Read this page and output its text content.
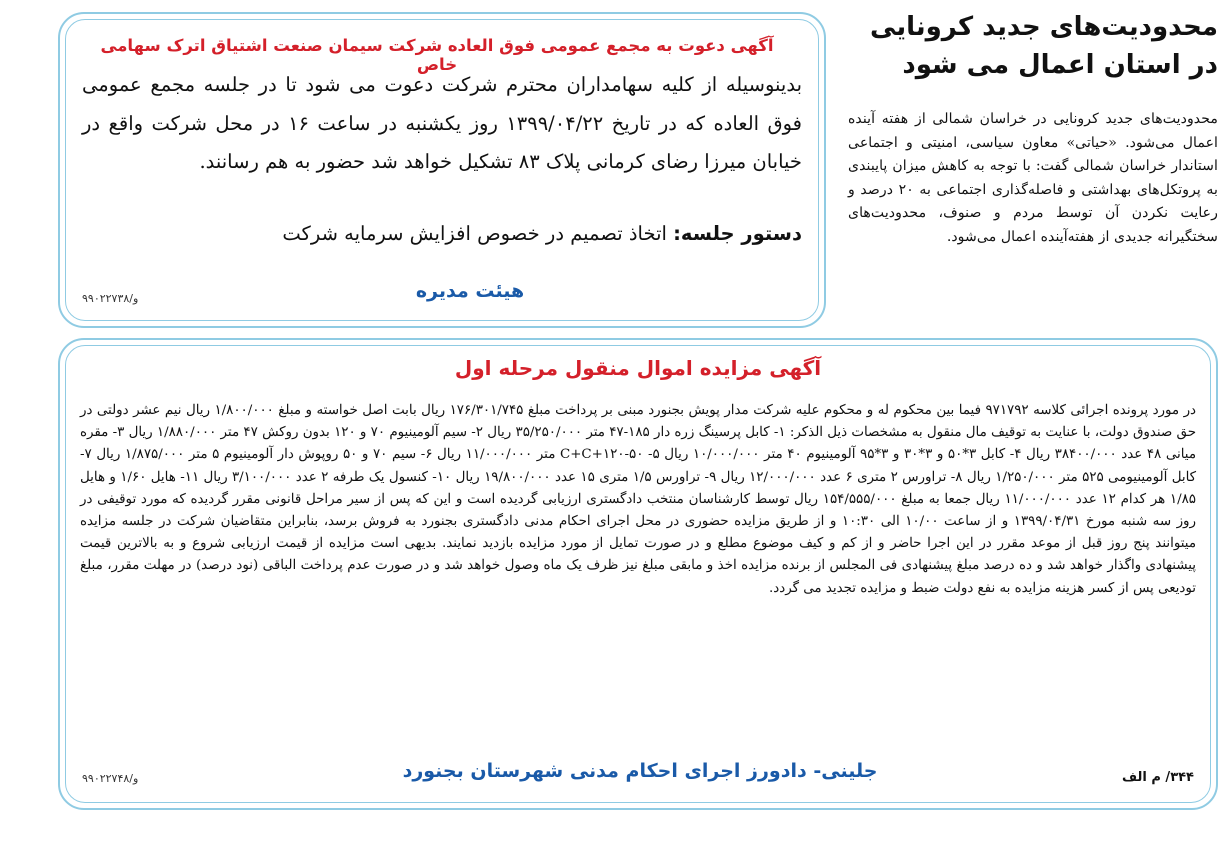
محدودیت‌های جدید کرونایی
در استان اعمال می شود
محدودیت‌های جدید کرونایی در خراسان شمالی از هفته آینده اعمال می‌شود. «حیاتی» معاون سیاسی، امنیتی و اجتماعی استاندار خراسان شمالی گفت: با توجه به کاهش میزان پایبندی به پروتکل‌های بهداشتی و فاصله‌گذاری اجتماعی به ۲۰ درصد و رعایت نکردن آن توسط مردم و صنوف، محدودیت‌های سختگیرانه جدیدی از هفته‌آینده اعمال می‌شود.
آگهی دعوت به مجمع عمومی فوق العاده شرکت سیمان صنعت اشتیاق اترک سهامی خاص
بدینوسیله از کلیه سهامداران محترم شرکت دعوت می شود تا در جلسه مجمع عمومی فوق العاده که در تاریخ ۱۳۹۹/۰۴/۲۲ روز یکشنبه در ساعت ۱۶ در محل شرکت واقع در خیابان میرزا رضای کرمانی پلاک ۸۳ تشکیل خواهد شد حضور به هم رسانند.
دستور جلسه: اتخاذ تصمیم در خصوص افزایش سرمایه شرکت
هیئت مدیره
۹۹۰۲۲۷۳۸/و
آگهی مزایده اموال منقول مرحله اول
در مورد پرونده اجرائی کلاسه ۹۷۱۷۹۲ فیما بین محکوم له و محکوم علیه شرکت مدار پویش بجنورد مبنی بر پرداخت مبلغ ۱۷۶/۳۰۱/۷۴۵ ریال بابت اصل خواسته و مبلغ ۱/۸۰۰/۰۰۰ ریال نیم عشر دولتی در حق صندوق دولت، با عنایت به توقیف مال منقول به مشخصات ذیل الذکر: ۱- کابل پرسینگ زره دار ۱۸۵-۴۷ متر ۳۵/۲۵۰/۰۰۰ ریال ۲- سیم آلومینیوم ۷۰ و ۱۲۰ بدون روکش ۴۷ متر ۱/۸۸۰/۰۰۰ ریال ۳- مقره میانی ۴۸ عدد ۳۸۴۰۰/۰۰۰ ریال ۴- کابل ۳*۵۰ و ۳*۳۰ و ۳*۹۵ آلومینیوم ۴۰ متر ۱۰/۰۰۰/۰۰۰ ریال ۵- C+C+۱۲۰-۵۰ متر ۱۱/۰۰۰/۰۰۰ ریال ۶- سیم ۷۰ و ۵۰ روپوش دار آلومینیوم ۵ متر ۱/۸۷۵/۰۰۰ ریال ۷- کابل آلومینیومی ۵۲۵ متر ۱/۲۵۰/۰۰۰ ریال ۸- تراورس ۲ متری ۶ عدد ۱۲/۰۰۰/۰۰۰ ریال ۹- تراورس ۱/۵ متری ۱۵ عدد ۱۹/۸۰۰/۰۰۰ ریال ۱۰- کنسول یک طرفه ۲ عدد ۳/۱۰۰/۰۰۰ ریال ۱۱- هایل ۱/۶۰ و هایل ۱/۸۵ هر کدام ۱۲ عدد ۱۱/۰۰۰/۰۰۰ ریال جمعا به مبلغ ۱۵۴/۵۵۵/۰۰۰ ریال توسط کارشناسان منتخب دادگستری ارزیابی گردیده است و این که پس از سیر مراحل قانونی مقرر گردیده که مورد توقیفی در روز سه شنبه مورخ ۱۳۹۹/۰۴/۳۱ و از ساعت ۱۰/۰۰ الی ۱۰:۳۰ و از طریق مزایده حضوری در محل اجرای احکام مدنی دادگستری بجنورد به فروش برسد، بنابراین متقاضیان شرکت در جلسه مزایده میتوانند پنج روز قبل از موعد مقرر در این اجرا حاضر و از کم و کیف موضوع مطلع و در صورت تمایل از مورد مزایده بازدید نمایند. بدیهی است مزایده از قیمت ارزیابی شروع و به بالاترین قیمت پیشنهادی واگذار خواهد شد و ده درصد مبلغ پیشنهادی فی المجلس از برنده مزایده اخذ و مابقی مبلغ نیز ظرف یک ماه وصول خواهد شد و در صورت عدم پرداخت الباقی (نود درصد) در مهلت مقرر، مبلغ تودیعی پس از کسر هزینه مزایده به نفع دولت ضبط و مزایده تجدید می گردد.
۳۴۴/ م الف
جلینی- دادورز اجرای احکام مدنی شهرستان بجنورد
۹۹۰۲۲۷۴۸/و
